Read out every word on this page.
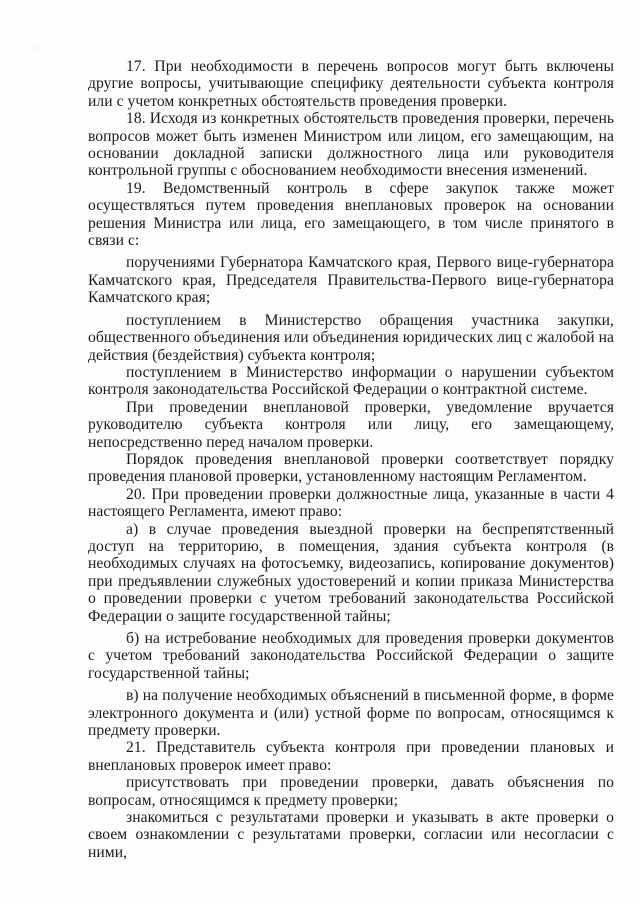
·

17. При необходимости в перечень вопросов могут быть включены другие вопросы, учитывающие специфику деятельности субъекта контроля или с учетом конкретных обстоятельств проведения проверки.

18. Исходя из конкретных обстоятельств проведения проверки, перечень вопросов может быть изменен Министром или лицом, его замещающим, на основании докладной записки должностного лица или руководителя контрольной группы с обоснованием необходимости внесения изменений.

19. Ведомственный контроль в сфере закупок также может осуществляться путем проведения внеплановых проверок на основании решения Министра или лица, его замещающего, в том числе принятого в связи с:

поручениями Губернатора Камчатского края, Первого вице-губернатора Камчатского края, Председателя Правительства-Первого вице-губернатора Камчатского края;

поступлением в Министерство обращения участника закупки, общественного объединения или объединения юридических лиц с жалобой на действия (бездействия) субъекта контроля;

поступлением в Министерство информации о нарушении субъектом контроля законодательства Российской Федерации о контрактной системе.

При проведении внеплановой проверки, уведомление вручается руководителю субъекта контроля или лицу, его замещающему, непосредственно перед началом проверки.

Порядок проведения внеплановой проверки соответствует порядку проведения плановой проверки, установленному настоящим Регламентом.

20. При проведении проверки должностные лица, указанные в части 4 настоящего Регламента, имеют право:

а) в случае проведения выездной проверки на беспрепятственный доступ на территорию, в помещения, здания субъекта контроля (в необходимых случаях на фотосъемку, видеозапись, копирование документов) при предъявлении служебных удостоверений и копии приказа Министерства о проведении проверки с учетом требований законодательства Российской Федерации о защите государственной тайны;

б) на истребование необходимых для проведения проверки документов с учетом требований законодательства Российской Федерации о защите государственной тайны;

в) на получение необходимых объяснений в письменной форме, в форме электронного документа и (или) устной форме по вопросам, относящимся к предмету проверки.

21. Представитель субъекта контроля при проведении плановых и внеплановых проверок имеет право:

присутствовать при проведении проверки, давать объяснения по вопросам, относящимся к предмету проверки;

знакомиться с результатами проверки и указывать в акте проверки о своем ознакомлении с результатами проверки, согласии или несогласии с ними,
